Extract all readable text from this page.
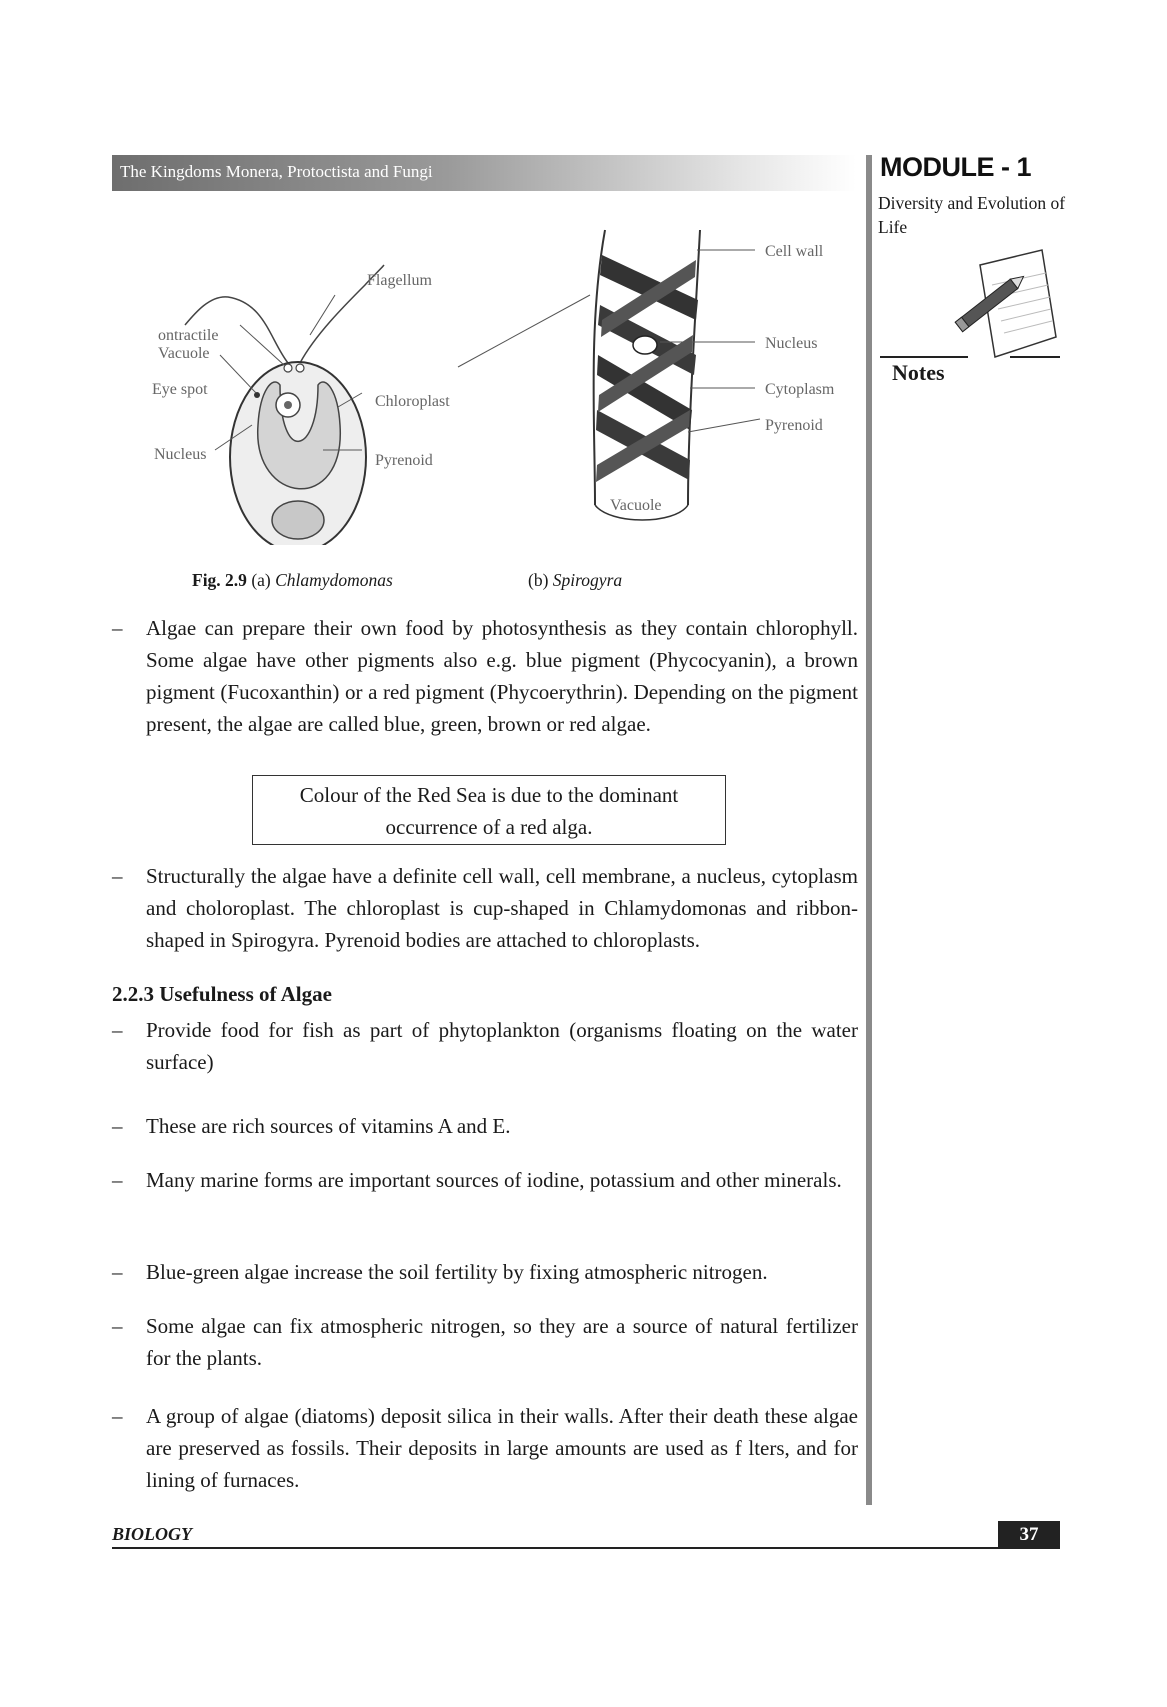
The Kingdoms Monera, Protoctista and Fungi	MODULE - 1
Diversity and Evolution of Life
Notes
Flagellum
ontractile
Vacuole
Eye spot
Nucleus
Chloroplast
Pyrenoid
Cell wall
Nucleus
Cytoplasm
Pyrenoid
Vacuole
Fig. 2.9 (a) Chlamydomonas	(b) Spirogyra
– Algae can prepare their own food by photosynthesis as they contain chlorophyll. Some algae have other pigments also e.g. blue pigment (Phycocyanin), a brown pigment (Fucoxanthin) or a red pigment (Phycoerythrin). Depending on the pigment present, the algae are called blue, green, brown or red algae.
Colour of the Red Sea is due to the dominant occurrence of a red alga.
– Structurally the algae have a definite cell wall, cell membrane, a nucleus, cytoplasm and choloroplast. The chloroplast is cup-shaped in Chlamydomonas and ribbon-shaped in Spirogyra. Pyrenoid bodies are attached to chloroplasts.
2.2.3 Usefulness of Algae
– Provide food for fish as part of phytoplankton (organisms floating on the water surface)
– These are rich sources of vitamins A and E.
– Many marine forms are important sources of iodine, potassium and other minerals.
– Blue-green algae increase the soil fertility by fixing atmospheric nitrogen.
– Some algae can fix atmospheric nitrogen, so they are a source of natural fertilizer for the plants.
– A group of algae (diatoms) deposit silica in their walls. After their death these algae are preserved as fossils. Their deposits in large amounts are used as f lters, and for lining of furnaces.
BIOLOGY	37
